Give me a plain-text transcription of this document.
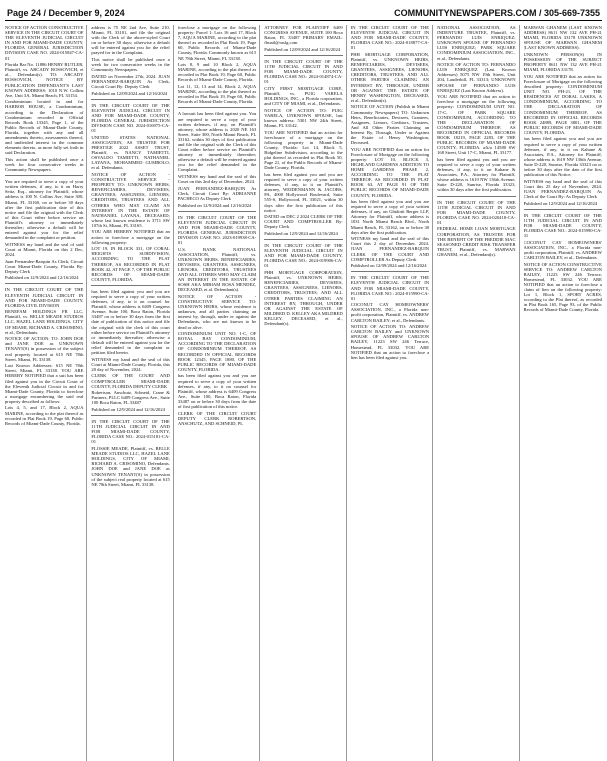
Page 24 / December 9, 2024	COMMUNITYNEWSPAPERS.COM / 305-669-7355

NOTICE OF ACTION CONSTRUCTIVE SERVICE IN THE CIRCUIT COURT OF THE ELEVENTH JUDICIAL CIRCUIT IN AND FOR MIAMI-DADE COUNTY, FLORIDA GENERAL JURISDICTION DIVISION CASE NO. 2024-015847-CA-01

Florida Bar No. 11886 HENRY BUTLER, Plaintiff, vs. ARCADY ROSSOVICH, et al., Defendant(s). TO: ARCADY ROSSOVICH, NOTICE BY PUBLICATION DEFENDANT'S LAST KNOWN ADDRESS: 1010 N.W. Collins Ave, Unit 3A, Miami Beach, FL 33154.

Condominium located in and for HARBOR HOUSE, a Condominium, according to the Declaration of Condominium recorded in Official Records Book 13345, Page 1, of the Public Records of Miami-Dade County, Florida, together with any and all amendments thereto, assessments thereof, and undivided interest in the common elements thereto, as more fully set forth in said Declaration.

This action shall be published once a week for four consecutive weeks in Community Newspapers.

You are required to serve a copy of your written defenses, if any, to it on Harry Seitz, Esq., attorney for Plaintiff, whose address is 100 N. Collins Ave, Suite 300, Miami, FL 33160, on or before 30 days after the first publication date of this notice and file the original with the Clerk of this Court either before service on Plaintiff's attorney or immediately thereafter; otherwise a default will be entered against you for the relief demanded in the complaint or petition.

WITNESS my hand and the seal of said Court at Miami, Florida on this 2 Dec, 2024.

Juan Fernandez-Barquin As Clerk, Circuit Court Miami-Dade County, Florida By: Deputy Clerk

Published on 12/9/2024 and 12/16/2024

IN THE CIRCUIT COURT OF THE ELEVENTH JUDICIAL CIRCUIT IN AND FOR MIAMI-DADE COUNTY, FLORIDA CIVIL DIVISION

BENEFAM HOLDINGS FR LLC, Plaintiff, vs. BELLE MEADE STUDIOS LLC, HAZEL LANE HOLDINGS, CITY OF MIAMI, RICHARD A. CRISOMINO, et al., Defendants.

NOTICE OF ACTION: TO: JOHN DOE and JANE DOE as UNKNOWN TENANT(S) in possession of the subject real property located at 615 NE 78th Street, Miami, FL 33138.

Last Known Addresses: 615 NE 78th Street, Miami, FL 33138. YOU ARE HEREBY NOTIFIED that a suit has been filed against you in the Circuit Court of the Eleventh Judicial Circuit in and for Miami-Dade County, Florida to foreclose a mortgage encumbering the said real property described as follows:

Lots 4, 5, and 17, Block 2, AQUA MARINE, according to the plat thereof as recorded in Plat Book 19, Page 60, Public Records of Miami-Dade County, Florida.

address is 75 NE 2nd Ave, Suite 210, Miami, FL 33101, and file the original with the Clerk of the above-styled Court on or before 30 days; otherwise a default will be entered against you for the relief prayed for in the Complaint.

This notice shall be published once a week for two consecutive weeks in the Community Newspapers.

DATED on November 27th, 2024. JUAN FERNANDEZ-BARQUIN As Clerk, Circuit Court By: Deputy Clerk

Published on 12/09/2024 and 12/16/2024

IN THE CIRCUIT COURT OF THE ELEVENTH JUDICIAL CIRCUIT IN AND FOR MIAMI-DADE COUNTY, FLORIDA GENERAL JURISDICTION DIVISION CASE NO. 2024-016975-CA-01

UNITED STATES NATIONAL ASSOCIATION, AS TRUSTEE FOR PRESTIGE 2022 ASSET TRUST, Plaintiff, vs. NANCY TAMIETTI, OSVALDO TAMIETTI, NATHANIEL LAYANA, MOHAMMED GUMBOLO, et al. Defendants.

NOTICE OF ACTION - CONSTRUCTIVE SERVICE - PROPERTY TO: UNKNOWN HEIRS, BENEFICIARIES, DEVISEES, GRANTEES, ASSIGNEES, LIENORS, CREDITORS, TRUSTEES AND ALL OTHERS WHO MAY CLAIM AN INTEREST IN THE ESTATE OF NATHANIEL LAYANA, DECEASED; whose last known residence is 3711 SW 107th St, Miami, FL 33165.

YOU ARE HEREBY NOTIFIED that an action to foreclose a mortgage on the following property:

LOT 19, IN BLOCK 331, OF CORAL HEIGHTS SUBDIVISION, ACCORDING TO THE PLAT THEREOF, AS RECORDED IN PLAT BOOK 42, AT PAGE 7, OF THE PUBLIC RECORDS OF MIAMI-DADE COUNTY, FLORIDA.

has been filed against you and you are required to serve a copy of your written defenses, if any, to it on counsel for Plaintiff, whose address is 6409 Congress Avenue, Suite 100, Boca Raton, Florida 33487 on or before 30 days from the first date of publication of this notice and file the original with the clerk of this court either before service on Plaintiff's attorney or immediately thereafter; otherwise a default will be entered against you for the relief demanded in the complaint or petition filed herein.

WITNESS my hand and the seal of this Court at Miami-Dade County, Florida, this 20 day of November, 2024.

CLERK OF THE COURT AND COMPTROLLER MIAMI-DADE COUNTY, FLORIDA DEPUTY CLERK

Robertson, Anschutz, Schneid, Crane & Partners, PLLC 6409 Congress Ave., Suite 100 Boca Raton, FL 33487

Published on 12/9/2024 and 12/16/2024

IN THE CIRCUIT COURT OF THE 11TH JUDICIAL CIRCUIT IN AND FOR MIAMI-DADE COUNTY, FLORIDA CASE NO.: 2024-015181-CA-01

FLOSSIE MEADE, Plaintiff, vs. BELLE MEADE STUDIOS LLC, HAZEL LANE HOLDINGS, CITY OF MIAMI, RICHARD A. CRISOMINO, Defendants. JOHN DOE and JANE DOE as UNKNOWN TENANT(S) in possession of the subject real property located at 615 NE 78th Street, Miami, FL 33138.

foreclose a mortgage on the following property: Parcel 1: Lots 16 and 17, Block 7, AQUA MARINE, according to the plat thereof as recorded in Plat Book 19, Page 60, Public Records of Miami-Dade County, Florida. Commonly known as 615 NE 78th Street, Miami, FL 33138.

Lots 8, 9 and 10 Block 2, AQUA MARINE, according to the plat thereof as recorded in Plat Book 19, Page 60, Public Records of Miami-Dade County, Florida.

Lot 11, 12, 13 and 14, Block 2, AQUA MARINE, according to the plat thereof as recorded in Plat Book 19, Page 60, Public Records of Miami-Dade County, Florida.

A lawsuit has been filed against you. You are required to serve a copy of your written defenses, if any, on Plaintiff's attorney, whose address is 2020 NE 163 Street, Suite 300, North Miami Beach, FL 33162, within 30 days of first publication and file the original with the Clerk of this Court either before service on Plaintiff's attorney or immediately thereafter; otherwise a default will be entered against you for the relief demanded in the Complaint.

WITNESS my hand and the seal of this Court on this 2nd day of December, 2024.

JUAN FERNANDEZ-BARQUIN As Clerk, Circuit Court By: ADRIANNE PACHECO As Deputy Clerk

Published on 12/9/2024 and 12/16/2024

IN THE CIRCUIT COURT OF THE ELEVENTH JUDICIAL CIRCUIT IN AND FOR MIAMI-DADE COUNTY, FLORIDA GENERAL JURISDICTION DIVISION CASE NO. 2023-019938-CA-01

U.S. BANK NATIONAL ASSOCIATION, Plaintiff, vs. UNKNOWN HEIRS, BENEFICIARIES, DEVISEES, GRANTEES, ASSIGNEES, LIENORS, CREDITORS, TRUSTEES AND ALL OTHERS WHO MAY CLAIM AN INTEREST IN THE ESTATE OF SOSH AKA MIRIAM ROSA MENDEZ, DECEASED, et al. Defendant(s).

NOTICE OF ACTION - CONSTRUCTIVE SERVICE TO: UNKNOWN HEIRS, whose residence is unknown, and all parties claiming an interest by, through, under or against the Defendants, who are not known to be dead or alive.

CONDOMINIUM UNIT NO. 1-C, OF ROYAL BAY CONDOMINIUM, ACCORDING TO THE DECLARATION OF CONDOMINIUM THEREOF, AS RECORDED IN OFFICIAL RECORDS BOOK 12345, PAGE 1880, OF THE PUBLIC RECORDS OF MIAMI-DADE COUNTY, FLORIDA.

has been filed against you and you are required to serve a copy of your written defenses, if any, to it on counsel for Plaintiff, whose address is 6409 Congress Ave., Suite 100, Boca Raton, Florida 33487 on or before 30 days from the date of first publication of this notice.

CLERK OF THE CIRCUIT COURT DEPUTY CLERK ROBERTSON, ANSCHUTZ, AND SCHNEID, PL

ATTORNEY FOR PLAINTIFF 6409 CONGRESS AVENUE, SUITE 100 Boca Raton, FL 33487 PRIMARY EMAIL: flmail@raslg.com

Published on 12/09/2024 and 12/16/2024

IN THE CIRCUIT COURT OF THE 11TH JUDICIAL CIRCUIT IN AND FOR MIAMI-DADE COUNTY, FLORIDA CASE NO.: 2024-014874-CA-01

CITY FIRST MORTGAGE CORP., Plaintiff, vs. PUIG VARELA HOLDINGS, INC., a Florida corporation, and CITY OF MIAMI, et al., Defendants.

NOTICE OF ACTION TO: PUIG VARELA, UNKNOWN SPOUSE, last known address: 5301 NW 24th Street, Miami, FL 33142.

YOU ARE NOTIFIED that an action for foreclosure of a mortgage on the following property in Miami-Dade County, Florida: Lot 14, Block 5, Ridgeline Subdivision, according to the plat thereof as recorded in Plat Book 50, Page 21, of the Public Records of Miami-Dade County, Florida.

has been filed against you and you are required to serve a copy of your written defenses, if any, to it on Plaintiff's attorney, WEIDENMANN & JACOBS, PA, 4000 Hollywood Boulevard, Suite 555-S, Hollywood, FL 33021, within 30 days after the first publication of this notice.

DATED on DEC 2 2024 CLERK OF THE COURT AND COMPTROLLER By: Deputy Clerk

Published on 12/9/2024 and 12/16/2024

IN THE CIRCUIT COURT OF THE ELEVENTH JUDICIAL CIRCUIT IN AND FOR MIAMI-DADE COUNTY, FLORIDA CASE NO.: 2024-019906-CA-01

PHH MORTGAGE CORPORATION, Plaintiff, vs. UNKNOWN HEIRS, BENEFICIARIES, DEVISEES, GRANTEES, ASSIGNEES, LIENORS, CREDITORS, TRUSTEES, AND ALL OTHER PARTIES CLAIMING AN INTEREST BY, THROUGH, UNDER OR AGAINST THE ESTATE OF MILDRED D. KELLEY AKA MILDRED KELLEY, DECEASED, et al., Defendant(s).

IN THE CIRCUIT COURT OF THE ELEVENTH JUDICIAL CIRCUIT IN AND FOR MIAMI-DADE COUNTY, FLORIDA CASE NO.: 2024-018877-CA-01

PHH MORTGAGE CORPORATION, Plaintiff, vs. UNKNOWN HEIRS, BENEFICIARIES, DEVISEES, GRANTEES, ASSIGNEES, LIENORS, CREDITORS, TRUSTEES, AND ALL OTHER PARTIES CLAIMING AN INTEREST BY, THROUGH, UNDER OR AGAINST THE ESTATE OF HENRY WASHINGTON, DECEASED, et al., Defendant(s).

NOTICE OF ACTION (Publish in Miami Community Newspapers) TO: Unknown Heirs, Beneficiaries, Devisees, Grantees, Assignees, Lienors, Creditors, Trustees, And All Other Parties Claiming an Interest By, Through, Under or Against the Estate of Henry Washington, Deceased.

YOU ARE NOTIFIED that an action for Foreclosure of Mortgage on the following property: LOT 10, BLOCK 3, HIGHLAND GARDENS ADDITION TO HOME GARDENS PHASE 2, ACCORDING TO THE PLAT THEREOF, AS RECORDED IN PLAT BOOK 63, AT PAGE 91 OF THE PUBLIC RECORDS OF MIAMI-DADE COUNTY, FLORIDA.

has been filed against you and you are required to serve a copy of your written defenses, if any, on Ghidotti Berger LLP, Attorney for Plaintiff, whose address is 1031 North Miami Beach Blvd., North Miami Beach, FL 33162, on or before 30 days after the first publication.

WITNESS my hand and the seal of this Court this 2 day of December, 2024. JUAN FERNANDEZ-BARQUIN CLERK OF THE COURT AND COMPTROLLER As Deputy Clerk

Published on 12/09/2024 and 12/16/2024

IN THE CIRCUIT COURT OF THE ELEVENTH JUDICIAL CIRCUIT IN AND FOR MIAMI-DADE COUNTY, FLORIDA CASE NO.: 2024-015990-CA-01

COCONUT CAY HOMEOWNERS' ASSOCIATION, INC., a Florida non-profit corporation, Plaintiff, vs. ANDREW CARLTON BAILEY; et al., Defendants.

NOTICE OF ACTION TO: ANDREW CARLTON BAILEY and UNKNOWN SPOUSE OF ANDREW CARLTON BAILEY, 11223 SW 246 Terrace, Homestead, FL 33032. YOU ARE NOTIFIED that an action to foreclose a lien has been filed against you.

NATIONAL ASSOCIATION, AS INDENTURE TRUSTEE, Plaintiff, vs. FERNANDO LUIS ENRIQUEZ; UNKNOWN SPOUSE OF FERNANDO LUIS ENRIQUEZ; PARK SQUARE CONDOMINIUM ASSOCIATION, INC., et al., Defendants.

NOTICE OF ACTION TO: FERNANDO LUIS ENRIQUEZ (Last Known Addresses) 5075 NW 19th Street, Unit 204, Lauderhill, FL 33313; UNKNOWN SPOUSE OF FERNANDO LUIS ENRIQUEZ (Last Known Address).

YOU ARE NOTIFIED that an action to foreclose a mortgage on the following property: CONDOMINIUM UNIT NO. 17-C, OF PARK SQUARE CONDOMINIUM, ACCORDING TO THE DECLARATION OF CONDOMINIUM THEREOF, AS RECORDED IN OFFICIAL RECORDS BOOK 18219, PAGE 2283, OF THE PUBLIC RECORDS OF MIAMI-DADE COUNTY, FLORIDA. a/k/a 14580 SW 168 Street, Unit 17-C, Miami, FL 33177.

has been filed against you and you are required to serve a copy of your written defenses, if any, to it on Kahane & Associates, P.A., Attorney for Plaintiff, whose address is 1619 NW 136th Avenue, Suite D-220, Sunrise, Florida 33323, within 30 days after the first publication.

IN THE CIRCUIT COURT OF THE 11TH JUDICIAL CIRCUIT IN AND FOR MIAMI-DADE COUNTY, FLORIDA CASE NO. 2024-020418-CA-01

FEDERAL HOME LOAN MORTGAGE CORPORATION, AS TRUSTEE FOR THE BENEFIT OF THE FREDDIE MAC SEASONED CREDIT RISK TRANSFER TRUST, Plaintiff, vs. MARWAN GHANEM, et al., Defendant(s).

MARWAN GHANEM (LAST KNOWN ADDRESS) 8611 NW 132 AVE PH-21 MIAMI, FLORIDA 33178 UNKNOWN SPOUSE OF MARWAN GHANEM (LAST KNOWN ADDRESS).

UNKNOWN PERSON(S) IN POSSESSION OF THE SUBJECT PROPERTY 8611 NW 132 AVE PH-21 MIAMI, FLORIDA 33178.

YOU ARE NOTIFIED that an action for Foreclosure of Mortgage on the following described property: CONDOMINIUM UNIT NO. PH-21, OF THE RESIDENCES AT DORAL LAKES, A CONDOMINIUM, ACCORDING TO THE DECLARATION OF CONDOMINIUM THEREOF, AS RECORDED IN OFFICIAL RECORDS BOOK 24889, PAGE 3801, OF THE PUBLIC RECORDS OF MIAMI-DADE COUNTY, FLORIDA.

has been filed against you and you are required to serve a copy of your written defenses, if any, to it on Kahane & Associates, P.A., Attorney for Plaintiff, whose address is 1619 NW 136th Avenue, Suite D-220, Sunrise, Florida 33323 on or before 30 days after the date of the first publication of this Notice.

WITNESS my hand and the seal of this Court this 25 day of November, 2024. JUAN FERNANDEZ-BARQUIN As Clerk of the Court By: As Deputy Clerk

Published on 12/9/2024 and 12/16/2024

IN THE CIRCUIT COURT OF THE 11TH JUDICIAL CIRCUIT IN AND FOR MIAMI-DADE COUNTY, FLORIDA CASE NO.: 2024-015990-CA-01

COCONUT CAY HOMEOWNERS' ASSOCIATION, INC., a Florida non-profit corporation, Plaintiff, vs. ANDREW CARLTON BAILEY, et al., Defendants.

NOTICE OF ACTION CONSTRUCTIVE SERVICE TO: ANDREW CARLTON BAILEY, 11223 SW 246 Terrace, Homestead, FL 33032. YOU ARE NOTIFIED that an action to foreclose a claim of lien on the following property: Lot 1, Block 1, SPORT ACRES, according to the Plat thereof, as recorded in Plat Book 165, Page 93, of the Public Records of Miami-Dade County, Florida.
